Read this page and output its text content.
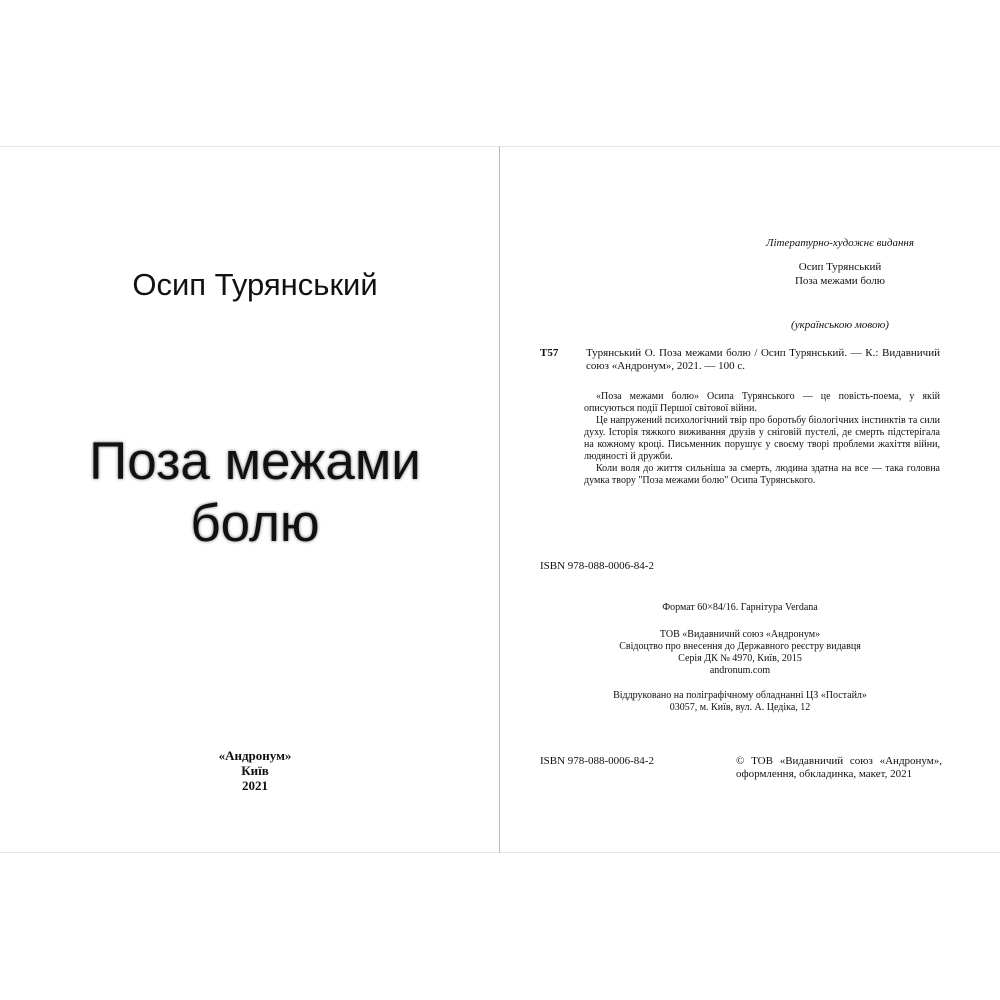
Осип Турянський
Поза межами
болю
«Андронум»
Київ
2021
Літературно-художнє видання
Осип Турянський
Поза межами болю
(українською мовою)
Т57	Турянський О. Поза межами болю / Осип Турянський. — К.: Видавничий союз «Андронум», 2021. — 100 с.

«Поза межами болю» Осипа Турянського — це повість-поема, у якій описуються події Першої світової війни.

Це напружений психологічний твір про боротьбу біологічних інстинктів та сили духу. Історія тяжкого виживання друзів у сніговій пустелі, де смерть підстерігала на кожному кроці. Письменник порушує у своєму творі проблеми жахіття війни, людяності й дружби.

Коли воля до життя сильніша за смерть, людина здатна на все — така головна думка твору "Поза межами болю" Осипа Турянського.

ISBN 978-088-0006-84-2
Формат 60×84/16. Гарнітура Verdana
ТОВ «Видавничий союз «Андронум»
Свідоцтво про внесення до Державного реєстру видавця
Серія ДК № 4970, Київ, 2015
andronum.com
Віддруковано на поліграфічному обладнанні ЦЗ «Постайл»
03057, м. Київ, вул. А. Цедіка, 12
ISBN 978-088-0006-84-2	© ТОВ «Видавничий союз «Андронум», оформлення, обкладинка, макет, 2021
